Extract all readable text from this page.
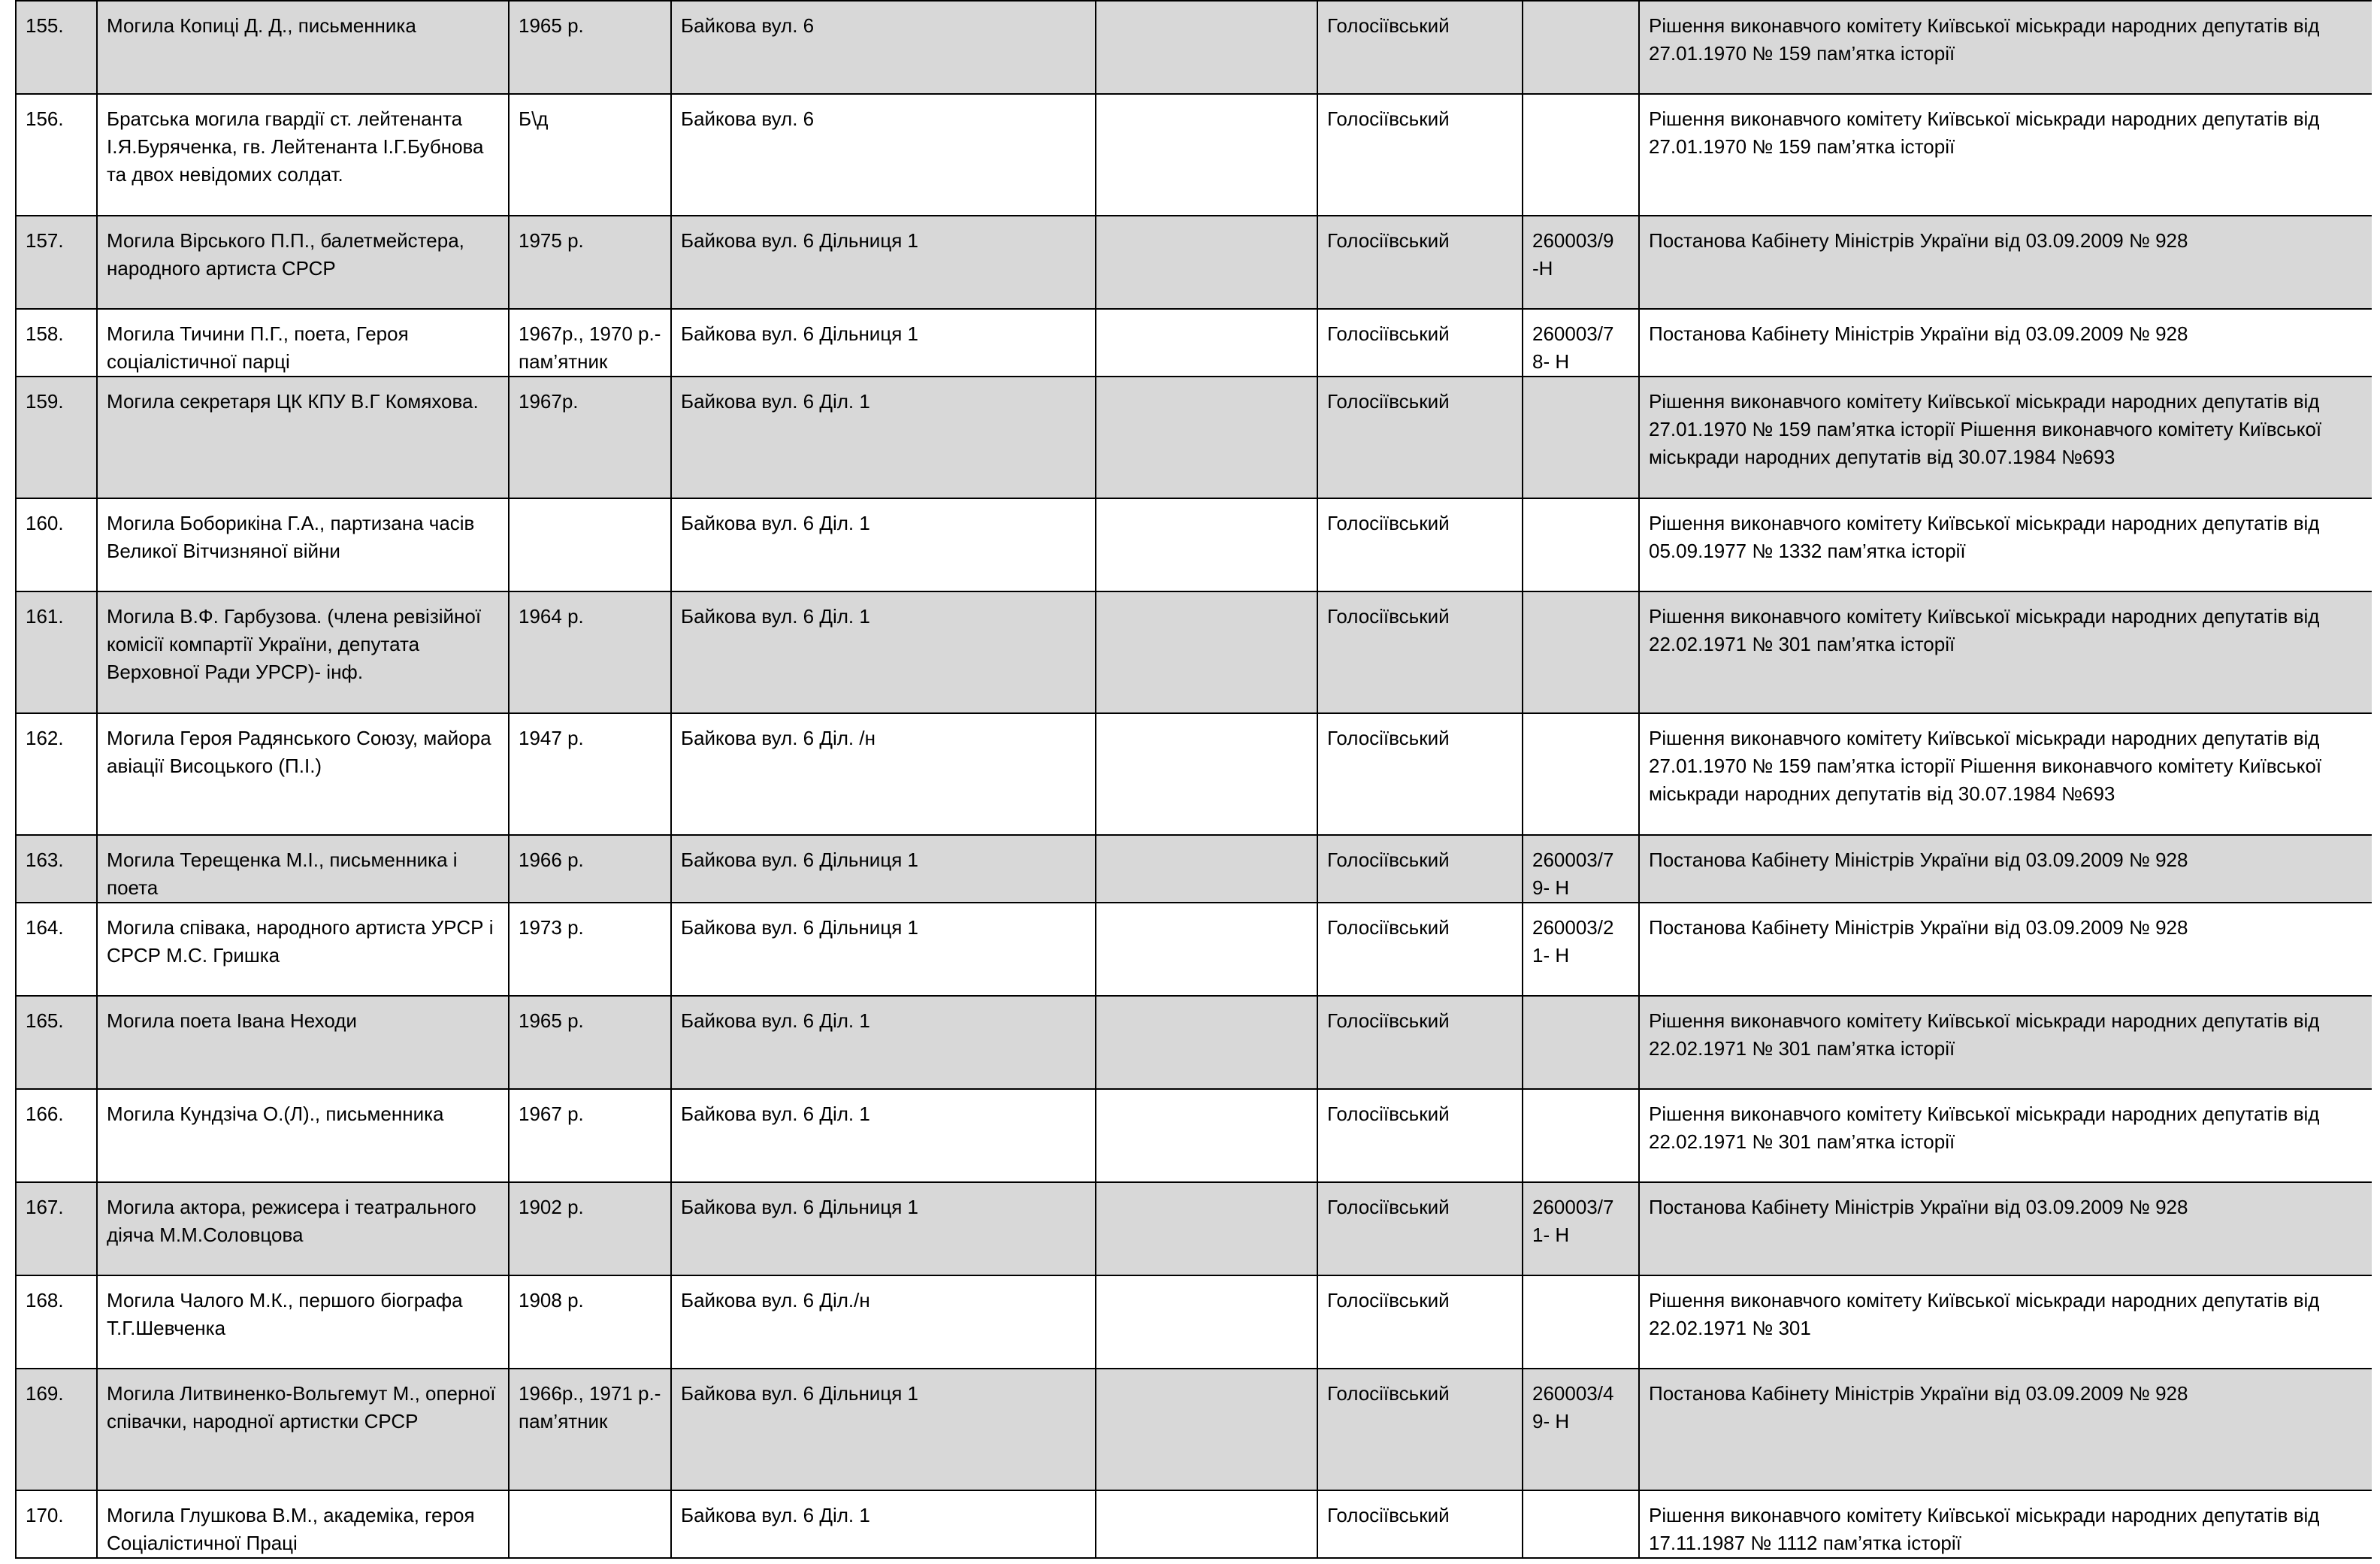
155.	Могила Копиці Д. Д., письменника	1965 р.	Байкова вул. 6		Голосіївський		Рішення виконавчого комітету Київської міськради народних депутатів від 27.01.1970 № 159 пам’ятка історії
156.	Братська могила гвардії ст. лейтенанта І.Я.Буряченка, гв. Лейтенанта І.Г.Бубнова та двох невідомих солдат.	Б\д	Байкова вул. 6		Голосіївський		Рішення виконавчого комітету Київської міськради народних депутатів від 27.01.1970 № 159 пам’ятка історії
157.	Могила Вірського П.П., балетмейстера, народного артиста СРСР	1975 р.	Байкова вул. 6 Дільниця 1		Голосіївський	260003/9 -Н	Постанова Кабінету Міністрів України від 03.09.2009 № 928
158.	Могила Тичини П.Г., поета, Героя соціалістичної парці	1967р., 1970 р.- пам’ятник	Байкова вул. 6 Дільниця 1		Голосіївський	260003/7 8- Н	Постанова Кабінету Міністрів України від 03.09.2009 № 928
159.	Могила секретаря ЦК КПУ В.Г Комяхова.	1967р.	Байкова вул. 6 Діл. 1		Голосіївський		Рішення виконавчого комітету Київської міськради народних депутатів від 27.01.1970 № 159 пам’ятка історії Рішення виконавчого комітету Київської міськради народних депутатів від 30.07.1984 №693
160.	Могила Боборикіна Г.А., партизана часів Великої Вітчизняної війни		Байкова вул. 6 Діл. 1		Голосіївський		Рішення виконавчого комітету Київської міськради народних депутатів від 05.09.1977 № 1332 пам’ятка історії
161.	Могила В.Ф. Гарбузова. (члена ревізійної комісії компартії України, депутата Верховної Ради УРСР)- інф.	1964 р.	Байкова вул. 6 Діл. 1		Голосіївський		Рішення виконавчого комітету Київської міськради народних депутатів від 22.02.1971 № 301 пам’ятка історії
162.	Могила Героя Радянського Союзу, майора авіації Висоцького (П.І.)	1947 р.	Байкова вул. 6 Діл. /н		Голосіївський		Рішення виконавчого комітету Київської міськради народних депутатів від 27.01.1970 № 159 пам’ятка історії Рішення виконавчого комітету Київської міськради народних депутатів від 30.07.1984 №693
163.	Могила Терещенка М.І., письменника і поета	1966 р.	Байкова вул. 6 Дільниця 1		Голосіївський	260003/7 9- Н	Постанова Кабінету Міністрів України від 03.09.2009 № 928
164.	Могила співака, народного артиста УРСР і СРСР М.С. Гришка	1973 р.	Байкова вул. 6 Дільниця 1		Голосіївський	260003/2 1- Н	Постанова Кабінету Міністрів України від 03.09.2009 № 928
165.	Могила поета Івана Неходи	1965 р.	Байкова вул. 6 Діл. 1		Голосіївський		Рішення виконавчого комітету Київської міськради народних депутатів від 22.02.1971 № 301 пам’ятка історії
166.	Могила Кундзіча О.(Л)., письменника	1967 р.	Байкова вул. 6 Діл. 1		Голосіївський		Рішення виконавчого комітету Київської міськради народних депутатів від 22.02.1971 № 301 пам’ятка історії
167.	Могила актора, режисера і театрального діяча М.М.Соловцова	1902 р.	Байкова вул. 6 Дільниця 1		Голосіївський	260003/7 1- Н	Постанова Кабінету Міністрів України від 03.09.2009 № 928
168.	Могила Чалого М.К., першого біографа Т.Г.Шевченка	1908 р.	Байкова вул. 6 Діл./н		Голосіївський		Рішення виконавчого комітету Київської міськради народних депутатів від 22.02.1971 № 301
169.	Могила Литвиненко-Вольгемут М., оперної співачки, народної артистки СРСР	1966р., 1971 р.- пам’ятник	Байкова вул. 6 Дільниця 1		Голосіївський	260003/4 9- Н	Постанова Кабінету Міністрів України від 03.09.2009 № 928
170.	Могила Глушкова В.М., академіка, героя Соціалістичної Праці		Байкова вул. 6 Діл. 1		Голосіївський		Рішення виконавчого комітету Київської міськради народних депутатів від 17.11.1987 № 1112 пам’ятка історії
